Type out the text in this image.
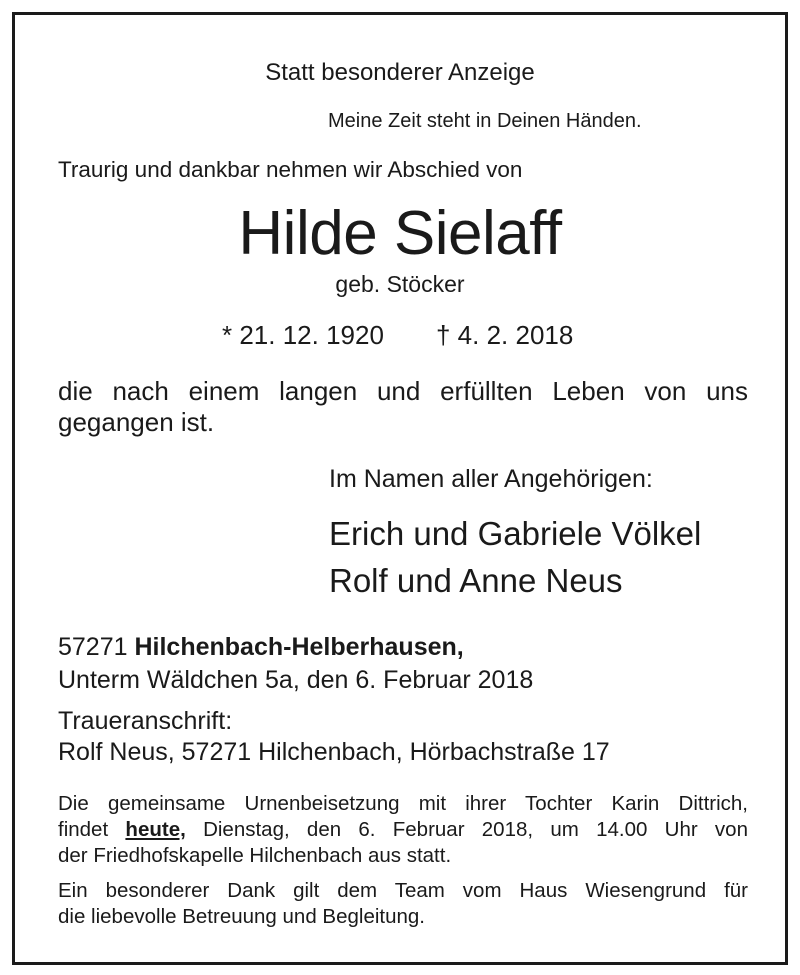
Statt besonderer Anzeige
Meine Zeit steht in Deinen Händen.
Traurig und dankbar nehmen wir Abschied von
Hilde Sielaff
geb. Stöcker
* 21. 12. 1920 † 4. 2. 2018
die nach einem langen und erfüllten Leben von uns
gegangen ist.
Im Namen aller Angehörigen:
Erich und Gabriele Völkel
Rolf und Anne Neus
57271 Hilchenbach-Helberhausen,
Unterm Wäldchen 5a, den 6. Februar 2018
Traueranschrift:
Rolf Neus, 57271 Hilchenbach, Hörbachstraße 17
Die gemeinsame Urnenbeisetzung mit ihrer Tochter Karin Dittrich,
findet heute, Dienstag, den 6. Februar 2018, um 14.00 Uhr von
der Friedhofskapelle Hilchenbach aus statt.
Ein besonderer Dank gilt dem Team vom Haus Wiesengrund für
die liebevolle Betreuung und Begleitung.
